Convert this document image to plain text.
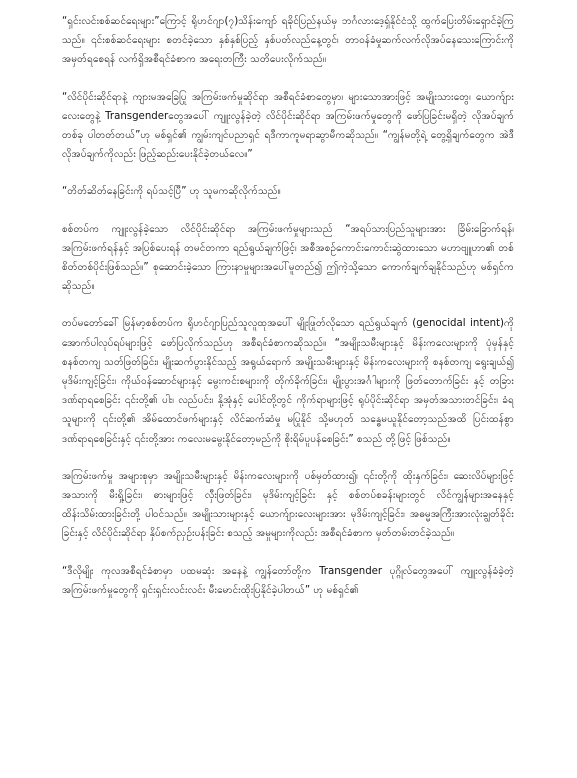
“ရှင်းလင်းစစ်ဆင်ရေးများ”ကြောင့် ရိုဟင်ဂျာ(၇)သိန်းကျော် ရခိုင်ပြည်နယ်မှ ဘင်္ဂလားဒေ့ရှ်နိုင်ငံသို့ ထွက်ပြေးတိမ်းရှောင်ခဲ့ကြသည်။ ၎င်းစစ်ဆင်ရေးများ စတင်ခဲ့သော နှစ်နှစ်ပြည့် နှစ်ပတ်လည်နေ့တွင်၊ တာဝန်ခံမှုဆက်လက်လိုအပ်နေသေးကြောင်းကို အမှတ်ရစေရန် လက်ရှိအစီရင်ခံစာက အရေးတကြီး သတိပေးလိုက်သည်။

“လိင်ပိုင်းဆိုင်ရာနဲ့ ကျားမအခြေပြု အကြမ်းဖက်မှုဆိုင်ရာ အစီရင်ခံစာတွေမှာ၊ များသောအားဖြင့် အမျိုးသားတွေ၊ ယောက်ျားလေးတွေနဲ့ Transgenderတွေအပေါ် ကျူးလွန်ခဲ့တဲ့ လိင်ပိုင်းဆိုင်ရာ အကြမ်းဖက်မှုတွေကို ဖော်ပြခြင်းမရှိတဲ့ လိုအပ်ချက်တစ်ခု ပါတတ်တယ်”ဟု မစ်ရှင်၏ ကျွမ်းကျင်ပညာရှင် ရဒီကာကူမရာဆွာမီကဆိုသည်။ “ကျွန်မတို့ရဲ့ တွေ့ရှိချက်တွေက အဲဒီလိုအပ်ချက်ကိုလည်း ဖြည့်ဆည်းပေးနိုင်ခဲ့တယ်လေ။”

“တိတ်ဆိတ်နေခြင်းကို ရပ်သင့်ပြီ” ဟု သူမကဆိုလိုက်သည်။

စစ်တပ်က ကျူးလွန်ခဲ့သော လိင်ပိုင်းဆိုင်ရာ အကြမ်းဖက်မှုများသည် “အရပ်သားပြည်သူများအား ခြိမ်းခြောက်ရန်၊ အကြမ်းဖက်ရန်နှင့် အပြစ်ပေးရန် တမင်တကာ ရည်ရွယ်ချက်ဖြင့်၊ အစီအစဉ်ကောင်းကောင်းဆွဲထားသော မဟာဗျူဟာ၏ တစ်စိတ်တစ်ပိုင်းဖြစ်သည်။” စုဆောင်းခဲ့သော ကြားနာမှုများအပေါ်မူတည်၍ ဤကဲ့သို့သော ကောက်ချက်ချနိုင်သည်ဟု မစ်ရှင်ကဆိုသည်။

တပ်မတော်ခေါ် မြန်မာ့စစ်တပ်က ရိုဟင်ဂျာပြည်သူလူထုအပေါ် မျိုးဖြုတ်လိုသော ရည်ရွယ်ချက် (genocidal intent)ကို အောက်ပါလုပ်ရပ်များဖြင့် ဖော်ပြလိုက်သည်ဟု အစီရင်ခံစာကဆိုသည်။ “အမျိုးသမီးများနှင့် မိန်းကလေးများကို ပုံမှန်နှင့် စနစ်တကျ သတ်ဖြတ်ခြင်း၊ မျိုးဆက်ပွားနိုင်သည့် အရွယ်ရောက် အမျိုးသမီးများနှင့် မိန်းကလေးများကို စနစ်တကျ ရွေးချယ်၍ မုဒိမ်းကျင့်ခြင်း၊ ကိုယ်ဝန်ဆောင်များနှင့် မွေးကင်းစများကို တိုက်ခိုက်ခြင်း၊ မျိုးပွားအင်္ဂါများကို ဖြတ်တောက်ခြင်း နှင့် တခြားဒဏ်ရာရစေခြင်း ၎င်းတို့၏ ပါး၊ လည်ပင်း၊ နို့အုံနှင့် ပေါင်တို့တွင် ကိုက်ရာများဖြင့် ရုပ်ပိုင်းဆိုင်ရာ အမှတ်အသားတင်ခြင်း၊ ခံရသူများကို ၎င်းတို့၏ အိမ်ထောင်ဖက်များနှင့် လိင်ဆက်ဆံမှု မပြုနိုင် သို့မဟုတ် သန္ဓေမယူနိုင်တော့သည်အထိ ပြင်းထန်စွာဒဏ်ရာရစေခြင်းနှင့် ၎င်းတို့အား ကလေးမမွေးနိုင်တော့မည်ကို စိုးရိမ်ပူပန်စေခြင်း” စသည် တို့ဖြင့် ဖြစ်သည်။

အကြမ်းဖက်မှု အများစုမှာ အမျိုးသမီးများနှင့် မိန်းကလေးများကို ပစ်မှတ်ထား၍၊ ၎င်းတို့ကို ထိုးနှက်ခြင်း၊ ဆေးလိပ်များဖြင့် အသားကို မီးရှို့ခြင်း၊ ဓားများဖြင့် လှီးဖြတ်ခြင်း၊ မုဒိမ်းကျင့်ခြင်း နှင့် စစ်တပ်စခန်းများတွင် လိင်ကျွန်များအနေနှင့် ထိန်းသိမ်းထားခြင်းတို့ ပါဝင်သည်။ အမျိုးသားများနှင့် ယောက်ျားလေးများအား မုဒိမ်းကျင့်ခြင်း၊ အဓမ္မအကြီးအားလုံးချွတ်ခိုင်းခြင်းနှင့် လိင်ပိုင်းဆိုင်ရာ နှိပ်စက်ညှဉ်းပန်းခြင်း စသည့် အမှုများကိုလည်း အစီရင်ခံစာက မှတ်တမ်းတင်ခဲ့သည်။

“ဒီလိုမျိုး ကုလအစီရင်ခံစာမှာ ပထမဆုံး အနေနဲ့ ကျွန်တော်တို့က Transgender ပုဂ္ဂိုလ်တွေအပေါ် ကျူးလွန်ခံခဲ့တဲ့ အကြမ်းဖက်မှုတွေကို ရှင်းရှင်းလင်းလင်း မီးမောင်းထိုးပြနိုင်ခဲ့ပါတယ်” ဟု မစ်ရှင်၏
